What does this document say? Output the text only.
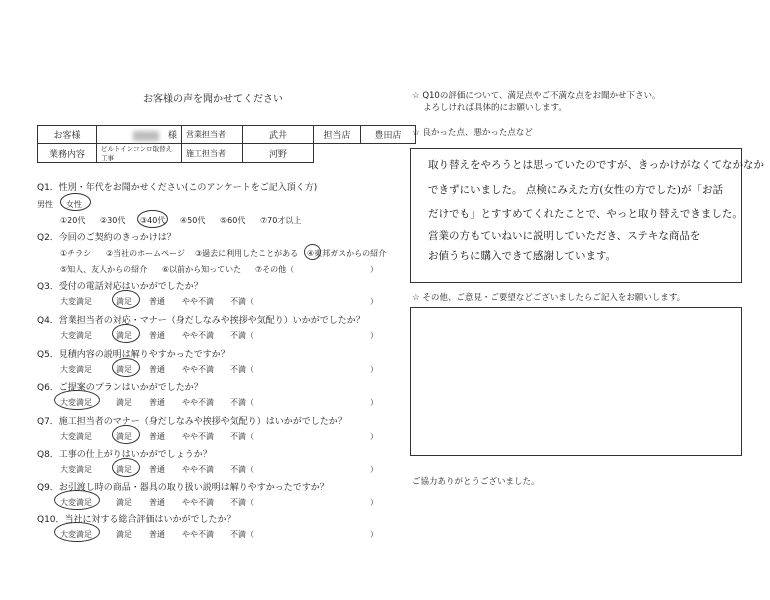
お客様の声を聞かせてください
お客様	様	営業担当者	武井	担当店	豊田店
業務内容	ビルトインコンロ取替え工事	施工担当者	河野		
Q1．性別・年代をお聞かせください(このアンケートをご記入頂く方)
男性 女性
①20代 ②30代 ③40代 ④50代 ⑤60代 ⑦70才以上
Q2．今回のご契約のきっかけは？
①チラシ ②当社のホームページ ③過去に利用したことがある ④東邦ガスからの紹介
⑤知人、友人からの紹介 ⑥以前から知っていた ⑦その他（	）
Q3．受付の電話対応はいかがでしたか？
大変満足	満足 普通 やや不満 不満（	）
Q4．営業担当者の対応・マナー（身だしなみや挨拶や気配り）いかがでしたか？
大変満足	満足 普通 やや不満 不満（	）
Q5．見積内容の説明は解りやすかったですか？
大変満足	満足 普通 やや不満 不満（	）
Q6．ご提案のプランはいかがでしたか？
大変満足	満足 普通 やや不満 不満（	）
Q7．施工担当者のマナー（身だしなみや挨拶や気配り）はいかがでしたか？
大変満足	満足 普通 やや不満 不満（	）
Q8．工事の仕上がりはいかがでしょうか？
大変満足	満足 普通 やや不満 不満（	）
Q9．お引渡し時の商品・器具の取り扱い説明は解りやすかったですか？
大変満足	満足 普通 やや不満 不満（	）
Q10．当社に対する総合評価はいかがでしたか？
大変満足	満足 普通 やや不満 不満（	）
☆ Q10の評価について、満足点やご不満な点をお聞かせ下さい。
よろしければ具体的にお願いします。
☆ 良かった点、悪かった点など
取り替えをやろうとは思っていたのですが、きっかけがなくてなかなか
できずにいました。 点検にみえた方(女性の方でした)が「お話
だけでも」とすすめてくれたことで、やっと取り替えできました。
営業の方もていねいに説明していただき、ステキな商品を
お値うちに購入できて感謝しています。
☆ その他、ご意見・ご要望などございましたらご記入をお願いします。
ご協力ありがとうございました。
